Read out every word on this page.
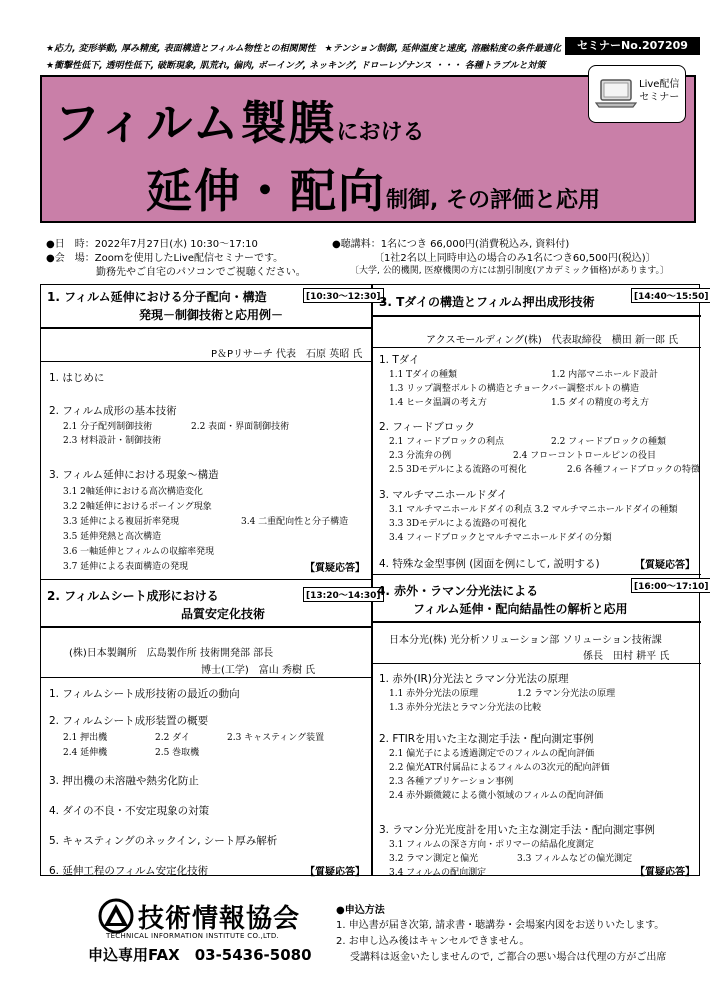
★応力, 変形挙動, 厚み精度, 表面構造とフィルム物性との相関関性　★テンション制御, 延伸温度と速度, 溶融粘度の条件最適化
★衝撃性低下, 透明性低下, 破断現象, 肌荒れ, 偏肉, ボーイング, ネッキング, ドローレゾナンス ・・・ 各種トラブルと対策
セミナーNo.207209
フィルム製膜における
延伸・配向制御, その評価と応用
Live配信
セミナー
●日　時：2022年7月27日(水) 10:30～17:10
●会　場：Zoomを使用したLive配信セミナーです。
勤務先やご自宅のパソコンでご視聴ください。
●聴講料：1名につき 66,000円(消費税込み, 資料付)
〔1社2名以上同時申込の場合のみ1名につき60,500円(税込)〕
〔大学, 公的機関, 医療機関の方には割引制度(アカデミック価格)があります。〕
1. フィルム延伸における分子配向・構造	[10:30～12:30]
発現－制御技術と応用例－
P＆Pリサーチ 代表　石原 英昭 氏
1. はじめに
2. フィルム成形の基本技術
2.1 分子配列制御技術	2.2 表面・界面制御技術
2.3 材料設計・制御技術
3. フィルム延伸における現象～構造
3.1 2軸延伸における高次構造変化
3.2 2軸延伸におけるボーイング現象
3.3 延伸による複屈折率発現	3.4 二重配向性と分子構造
3.5 延伸発熱と高次構造
3.6 一軸延伸とフィルムの収縮率発現
3.7 延伸による表面構造の発現	【質疑応答】
2. フィルムシート成形における	[13:20～14:30]
品質安定化技術
(株)日本製鋼所　広島製作所 技術開発部 部長
博士(工学)　富山 秀樹 氏
1. フィルムシート成形技術の最近の動向
2. フィルムシート成形装置の概要
2.1 押出機	2.2 ダイ	2.3 キャスティング装置
2.4 延伸機	2.5 巻取機
3. 押出機の未溶融や熱劣化防止
4. ダイの不良・不安定現象の対策
5. キャスティングのネックイン, シート厚み解析
6. 延伸工程のフィルム安定化技術	【質疑応答】
3. Tダイの構造とフィルム押出成形技術	[14:40～15:50]
アクスモールディング(株)　代表取締役　横田 新一郎 氏
1. Tダイ
1.1 Tダイの種類	1.2 内部マニホールド設計
1.3 リップ調整ボルトの構造とチョークバー調整ボルトの構造
1.4 ヒータ温調の考え方	1.5 ダイの精度の考え方
2. フィードブロック
2.1 フィードブロックの利点	2.2 フィードブロックの種類
2.3 分流弁の例	2.4 フローコントロールピンの役目
2.5 3Dモデルによる流路の可視化	2.6 各種フィードブロックの特徴
3. マルチマニホールドダイ
3.1 マルチマニホールドダイの利点 3.2 マルチマニホールドダイの種類
3.3 3Dモデルによる流路の可視化
3.4 フィードブロックとマルチマニホールドダイの分類
4. 特殊な金型事例 (図面を例にして, 説明する)	【質疑応答】
4. 赤外・ラマン分光法による	[16:00～17:10]
フィルム延伸・配向結晶性の解析と応用
日本分光(株) 光分析ソリューション部 ソリューション技術課
係長　田村 耕平 氏
1. 赤外(IR)分光法とラマン分光法の原理
1.1 赤外分光法の原理	1.2 ラマン分光法の原理
1.3 赤外分光法とラマン分光法の比較
2. FTIRを用いた主な測定手法・配向測定事例
2.1 偏光子による透過測定でのフィルムの配向評価
2.2 偏光ATR付属品によるフィルムの3次元的配向評価
2.3 各種アプリケーション事例
2.4 赤外顕微鏡による微小領域のフィルムの配向評価
3. ラマン分光光度計を用いた主な測定手法・配向測定事例
3.1 フィルムの深さ方向・ポリマーの結晶化度測定
3.2 ラマン測定と偏光	3.3 フィルムなどの偏光測定
3.4 フィルムの配向測定	【質疑応答】
技術情報協会
TECHNICAL INFORMATION INSTITUTE CO.,LTD.
申込専用FAX　03-5436-5080
●申込方法
1. 申込書が届き次第, 請求書・聴講券・会場案内図をお送りいたします。
2. お申し込み後はキャンセルできません。
受講料は返金いたしませんので, ご都合の悪い場合は代理の方がご出席
